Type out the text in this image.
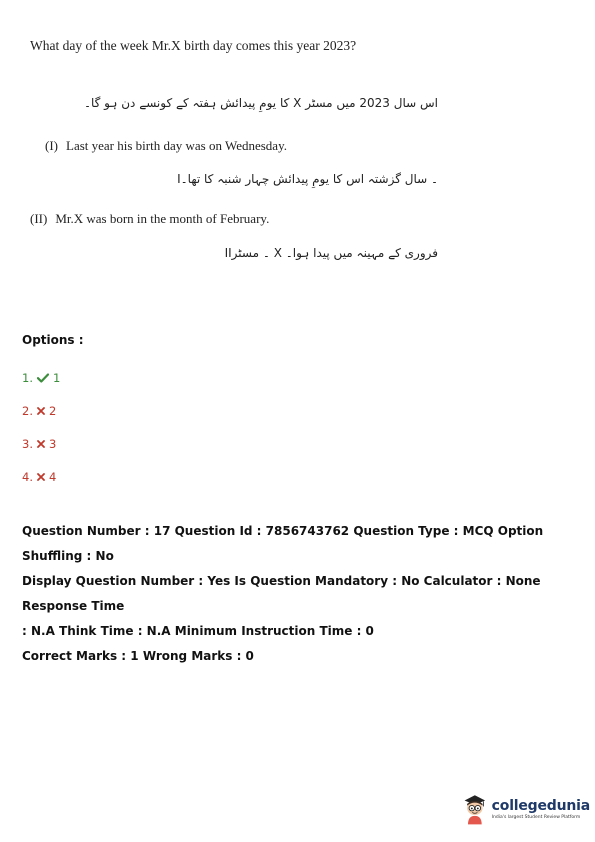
What day of the week Mr.X birth day comes this year 2023?
اس سال 2023 میں مسٹر X کا یومِ پیدائش ہفتہ کے کونسے دن ہو گا۔
(I) Last year his birth day was on Wednesday.
I۔ سال گزشتہ اس کا یومِ پیدائش چہار شنبہ کا تھا۔
(II) Mr.X was born in the month of February.
II۔ مسٹر X فروری کے مہینہ میں پیدا ہوا۔
Options :
1. 1
2. 2
3. 3
4. 4

Question Number : 17 Question Id : 7856743762 Question Type : MCQ Option Shuffling : No

Display Question Number : Yes Is Question Mandatory : No Calculator : None Response Time

: N.A Think Time : N.A Minimum Instruction Time : 0

Correct Marks : 1 Wrong Marks : 0

collegedunia
India's largest Student Review Platform
